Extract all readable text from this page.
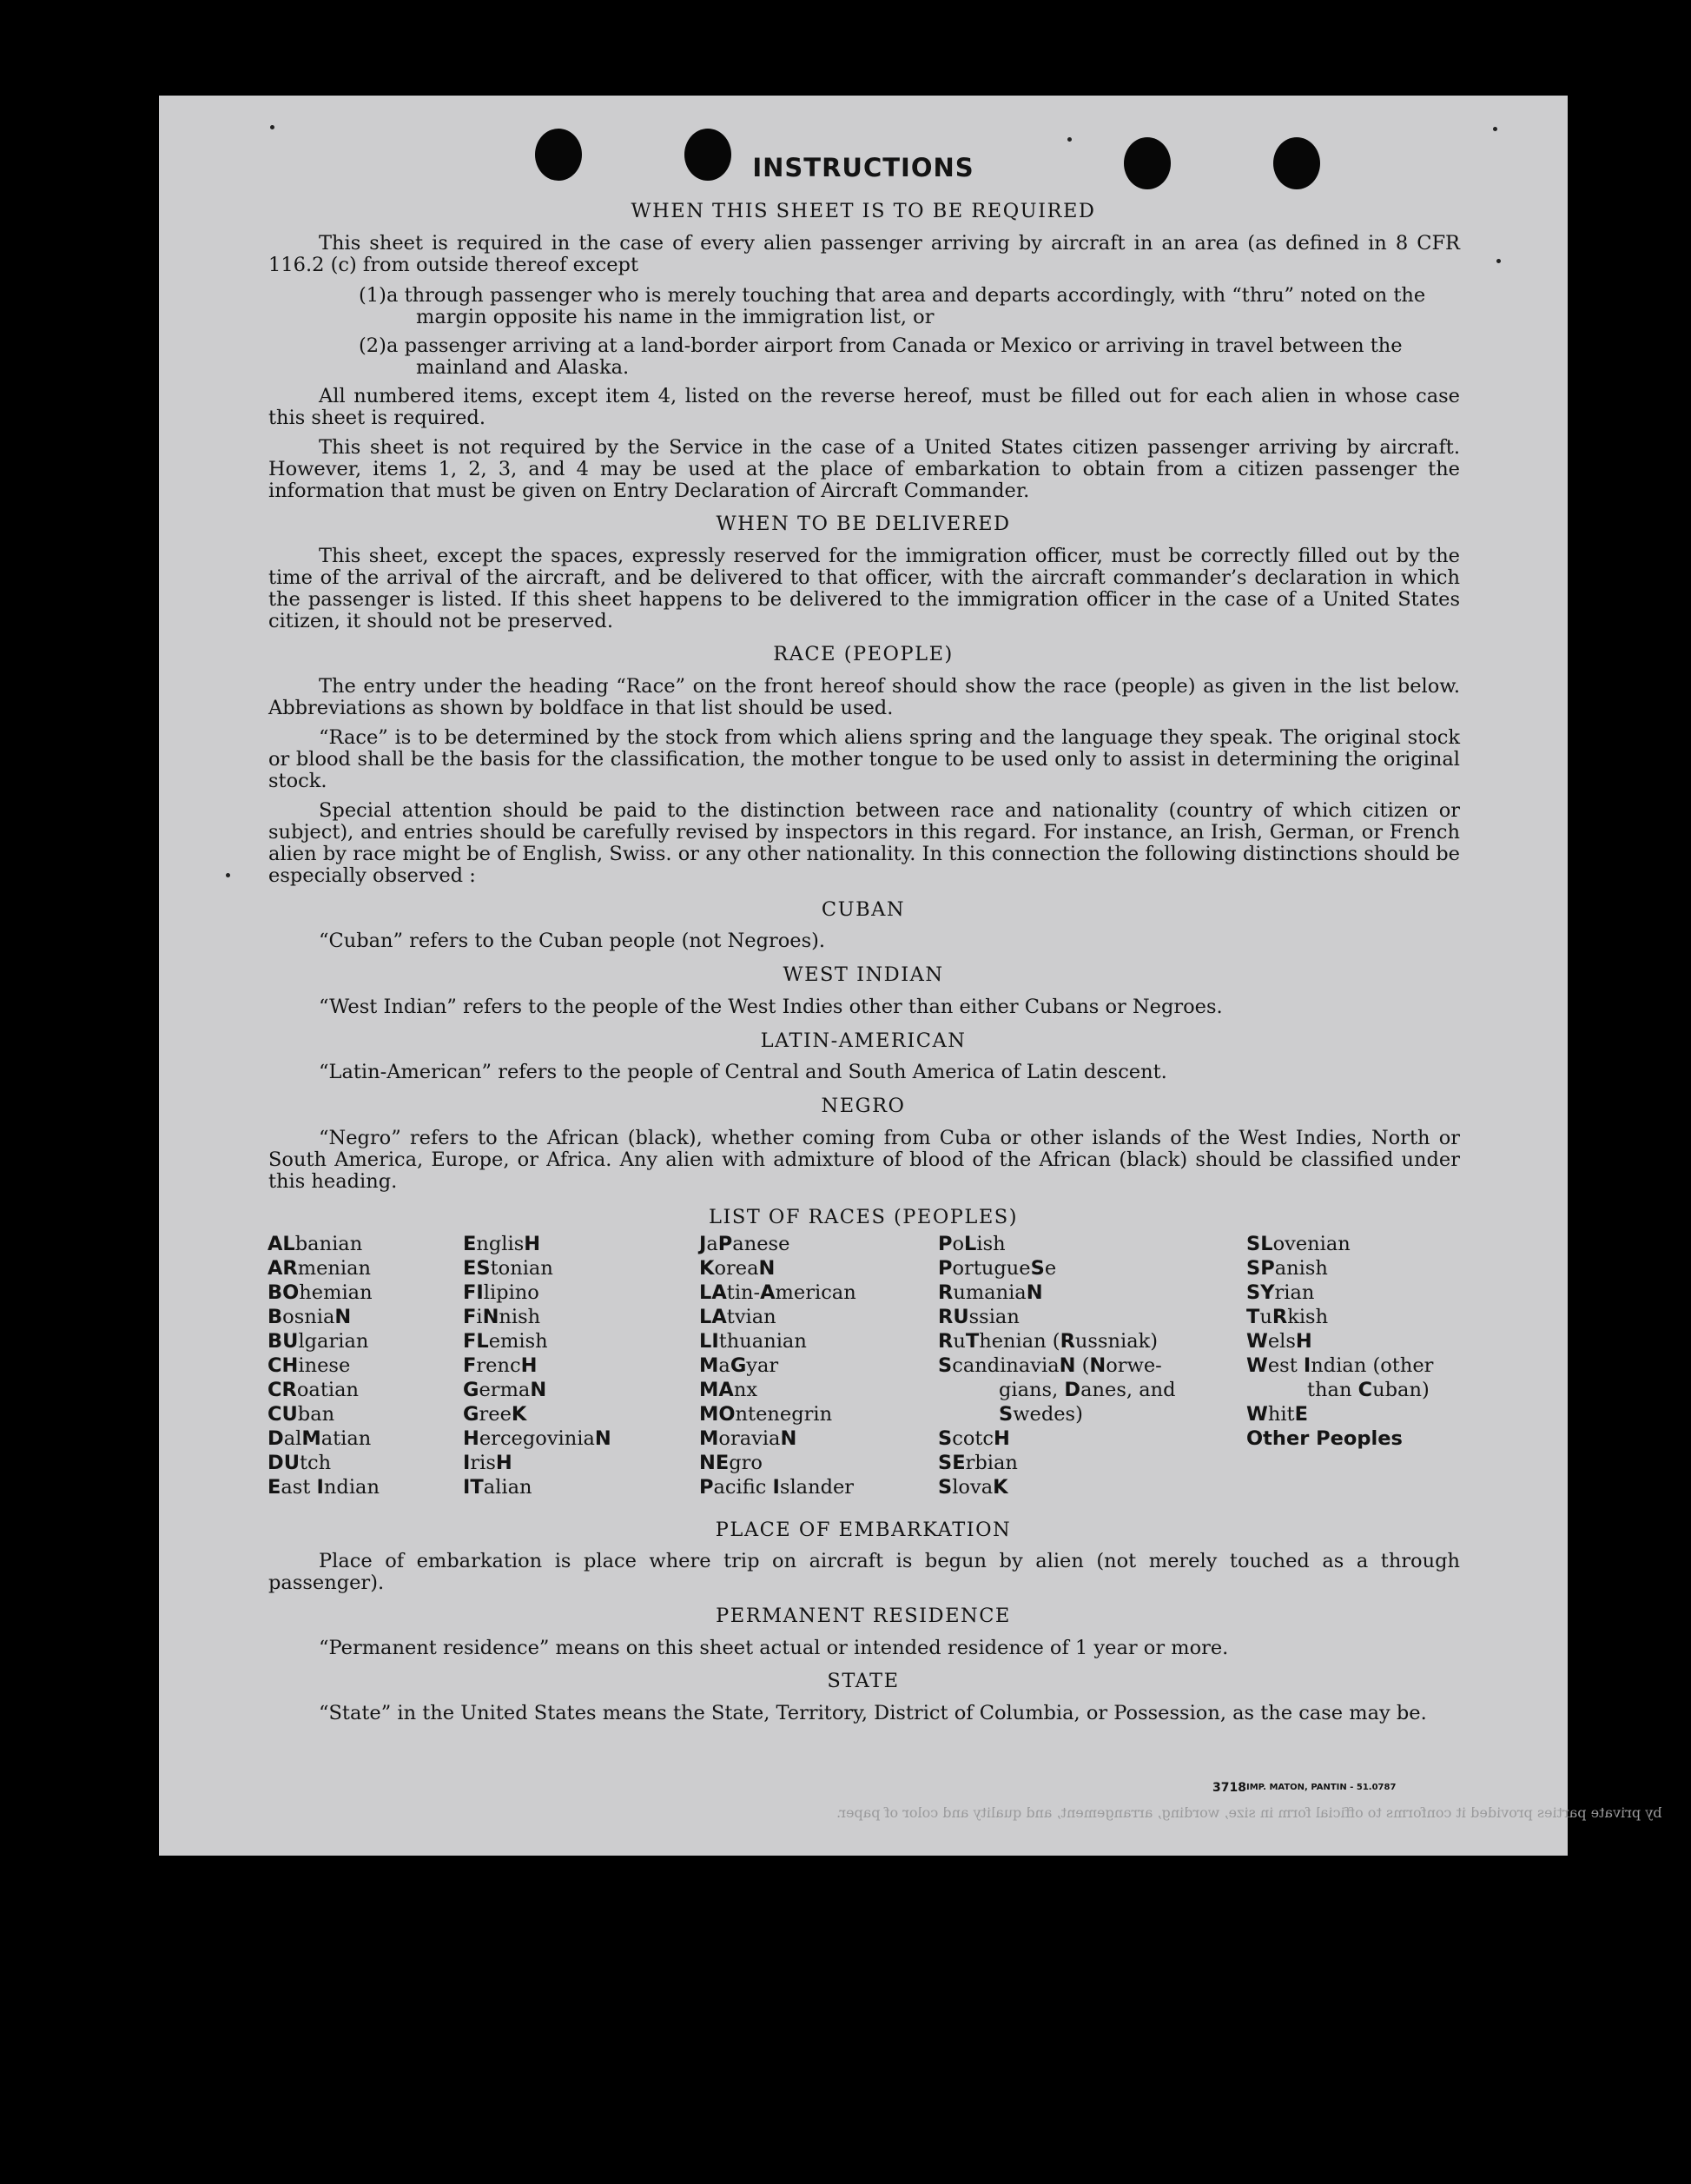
by private parties provided it conforms to official form in size, wording, arrangement, and quality and color of paper.
INSTRUCTIONS
WHEN THIS SHEET IS TO BE REQUIRED
This sheet is required in the case of every alien passenger arriving by aircraft in an area (as defined in 8 CFR 116.2 (c) from outside thereof except
(1) a through passenger who is merely touching that area and departs accordingly, with “thru” noted on the margin opposite his name in the immigration list, or
(2) a passenger arriving at a land-border airport from Canada or Mexico or arriving in travel between the mainland and Alaska.
All numbered items, except item 4, listed on the reverse hereof, must be filled out for each alien in whose case this sheet is required.
This sheet is not required by the Service in the case of a United States citizen passenger arriving by aircraft. However, items 1, 2, 3, and 4 may be used at the place of embarkation to obtain from a citizen passenger the information that must be given on Entry Declaration of Aircraft Commander.
WHEN TO BE DELIVERED
This sheet, except the spaces, expressly reserved for the immigration officer, must be correctly filled out by the time of the arrival of the aircraft, and be delivered to that officer, with the aircraft commander’s declaration in which the passenger is listed. If this sheet happens to be delivered to the immigration officer in the case of a United States citizen, it should not be preserved.
RACE (PEOPLE)
The entry under the heading “Race” on the front hereof should show the race (people) as given in the list below. Abbreviations as shown by boldface in that list should be used.
“Race” is to be determined by the stock from which aliens spring and the language they speak. The original stock or blood shall be the basis for the classification, the mother tongue to be used only to assist in determining the original stock.
Special attention should be paid to the distinction between race and nationality (country of which citizen or subject), and entries should be carefully revised by inspectors in this regard. For instance, an Irish, German, or French alien by race might be of English, Swiss. or any other nationality. In this connection the following distinctions should be especially observed :
CUBAN
“Cuban” refers to the Cuban people (not Negroes).
WEST INDIAN
“West Indian” refers to the people of the West Indies other than either Cubans or Negroes.
LATIN-AMERICAN
“Latin-American” refers to the people of Central and South America of Latin descent.
NEGRO
“Negro” refers to the African (black), whether coming from Cuba or other islands of the West Indies, North or South America, Europe, or Africa. Any alien with admixture of blood of the African (black) should be classified under this heading.
LIST OF RACES (PEOPLES)
ALbanian
ARmenian
BOhemian
BosniaN
BUlgarian
CHinese
CRoatian
CUban
DalMatian
DUtch
East Indian
EnglisH
EStonian
FIlipino
FiNnish
FLemish
FrencH
GermaN
GreeK
HercegoviniaN
IrisH
ITalian
JaPanese
KoreaN
LAtin-American
LAtvian
LIthuanian
MaGyar
MAnx
MOntenegrin
MoraviaN
NEgro
Pacifc Islander
PoLish
PortugueSe
RumaniaN
RUssian
RuThenian (Russniak)
ScandinaviaN (Norwe-
gians, Danes, and
Swedes)
ScotcH
SErbian
SlovaK
SLovenian
SPanish
SYrian
TuRkish
WelsH
West Indian (other
than Cuban)
WhitE
Other Peoples
PLACE OF EMBARKATION
Place of embarkation is place where trip on aircraft is begun by alien (not merely touched as a through passenger).
PERMANENT RESIDENCE
“Permanent residence” means on this sheet actual or intended residence of 1 year or more.
STATE
“State” in the United States means the State, Territory, District of Columbia, or Possession, as the case may be.
3718 IMP. MATON, PANTIN - 51.0787
